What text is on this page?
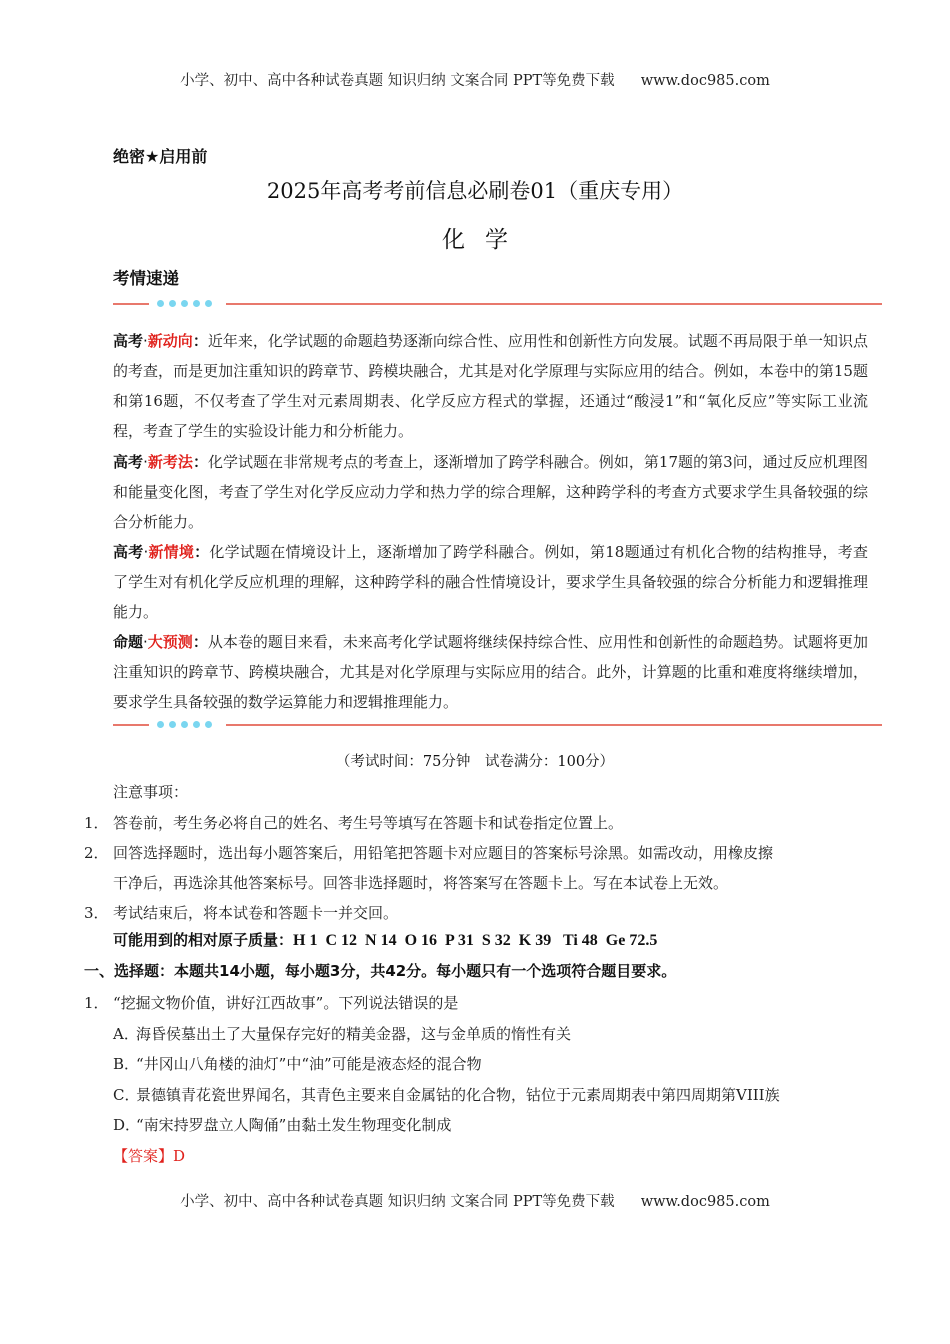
小学、初中、高中各种试卷真题 知识归纳 文案合同 PPT等免费下载 www.doc985.com
绝密★启用前
2025年高考考前信息必刷卷01（重庆专用）
化学
考情速递
高考·新动向：近年来，化学试题的命题趋势逐渐向综合性、应用性和创新性方向发展。试题不再局限于单一知识点的考查，而是更加注重知识的跨章节、跨模块融合，尤其是对化学原理与实际应用的结合。例如，本卷中的第15题和第16题，不仅考查了学生对元素周期表、化学反应方程式的掌握，还通过“酸浸1”和“氧化反应”等实际工业流程，考查了学生的实验设计能力和分析能力。
高考·新考法：化学试题在非常规考点的考查上，逐渐增加了跨学科融合。例如，第17题的第3问，通过反应机理图和能量变化图，考查了学生对化学反应动力学和热力学的综合理解，这种跨学科的考查方式要求学生具备较强的综合分析能力。
高考·新情境：化学试题在情境设计上，逐渐增加了跨学科融合。例如，第18题通过有机化合物的结构推导，考查了学生对有机化学反应机理的理解，这种跨学科的融合性情境设计，要求学生具备较强的综合分析能力和逻辑推理能力。
命题·大预测：从本卷的题目来看，未来高考化学试题将继续保持综合性、应用性和创新性的命题趋势。试题将更加注重知识的跨章节、跨模块融合，尤其是对化学原理与实际应用的结合。此外，计算题的比重和难度将继续增加，要求学生具备较强的数学运算能力和逻辑推理能力。
（考试时间：75分钟　试卷满分：100分）
注意事项：
1． 答卷前，考生务必将自己的姓名、考生号等填写在答题卡和试卷指定位置上。
2． 回答选择题时，选出每小题答案后，用铅笔把答题卡对应题目的答案标号涂黑。如需改动，用橡皮擦
干净后，再选涂其他答案标号。回答非选择题时，将答案写在答题卡上。写在本试卷上无效。
3． 考试结束后，将本试卷和答题卡一并交回。
可能用到的相对原子质量：H 1  C 12  N 14  O 16  P 31  S 32  K 39   Ti 48  Ge 72.5
一、选择题：本题共14小题，每小题3分，共42分。每小题只有一个选项符合题目要求。
1． “挖掘文物价值，讲好江西故事”。下列说法错误的是
A．海昏侯墓出土了大量保存完好的精美金器，这与金单质的惰性有关
B．“井冈山八角楼的油灯”中“油”可能是液态烃的混合物
C．景德镇青花瓷世界闻名，其青色主要来自金属钴的化合物，钴位于元素周期表中第四周期第VIII族
D．“南宋持罗盘立人陶俑”由黏土发生物理变化制成
【答案】D
小学、初中、高中各种试卷真题 知识归纳 文案合同 PPT等免费下载 www.doc985.com
